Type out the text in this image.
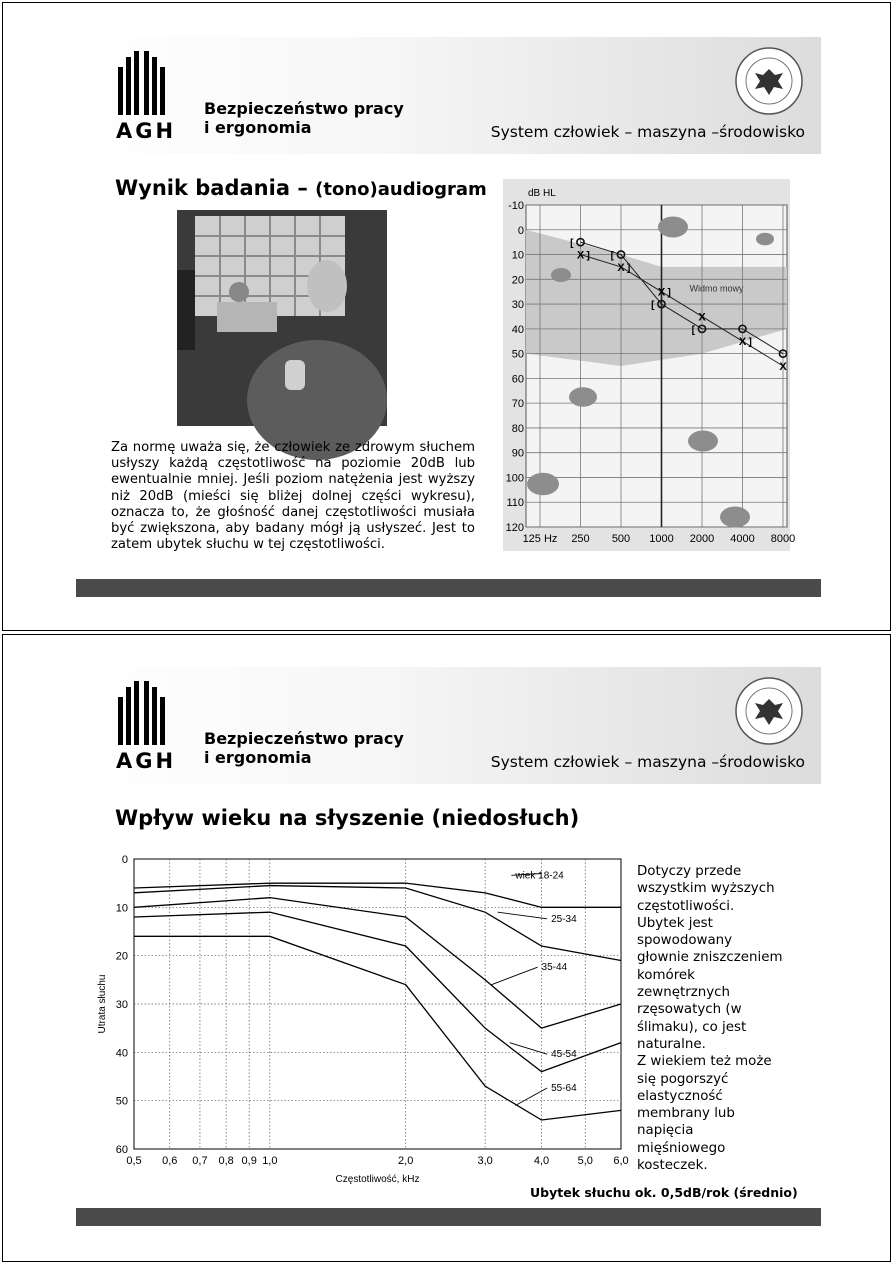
AGH
Bezpieczeństwo pracy
i ergonomia	System człowiek – maszyna –środowisko
Wynik badania – (tono)audiogram
Za normę uważa się, że człowiek ze zdrowym słuchem usłyszy każdą częstotliwość na poziomie 20dB lub ewentualnie mniej. Jeśli poziom natężenia jest wyższy niż 20dB (mieści się bliżej dolnej części wykresu), oznacza to, że głośność danej częstotliwości musiała być zwiększona, aby badany mógł ją usłyszeć. Jest to zatem ubytek słuchu w tej częstotliwości.
Widmo mowy
-10
0
10
20
30
40
50
60
70
80
90
100
110
120
125 Hz 250 500 1000 2000 4000 8000
dB HL
X
X
X
X
X
X
[
[
[
[
]
]
]
]
AGH
Bezpieczeństwo pracy
i ergonomia	System człowiek – maszyna –środowisko
Wpływ wieku na słyszenie (niedosłuch)
0
10
20
30
40
50
60
0,5 0,6 0,7 0,8 0,9 1,0	2,0	3,0	4,0	5,0 6,0
Częstotliwość, kHz
Utrata słuchu
wiek 18-24
25-34
35-44
45-54
55-64
Dotyczy przede
wszystkim wyższych
częstotliwości.
Ubytek jest
spowodowany
głownie zniszczeniem
komórek
zewnętrznych
rzęsowatych (w
ślimaku), co jest
naturalne.
Z wiekiem też może
się pogorszyć
elastyczność
membrany lub
napięcia
mięśniowego
kosteczek.
Ubytek słuchu ok. 0,5dB/rok (średnio)
